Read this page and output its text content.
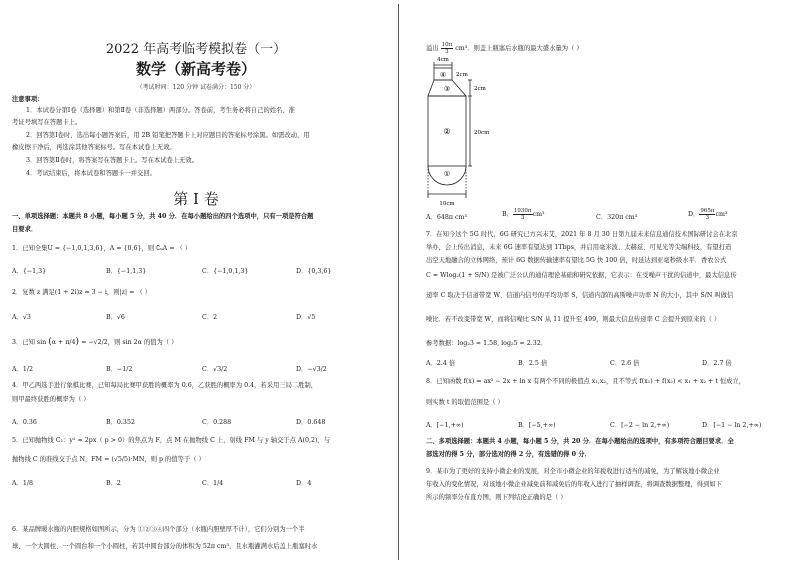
2022 年高考临考模拟卷（一）
数学（新高考卷）
（考试时间：120 分钟 试卷满分：150 分）
注意事项：
1．本试卷分第Ⅰ卷（选择题）和第Ⅱ卷（非选择题）两部分。答卷前，考生务必将自己的姓名、准
考证号填写在答题卡上。
2．回答第Ⅰ卷时，选出每小题答案后，用 2B 铅笔把答题卡上对应题目的答案标号涂黑。如需改动，用
橡皮擦干净后，再选涂其他答案标号。写在本试卷上无效。
3．回答第Ⅱ卷时，将答案写在答题卡上。写在本试卷上无效。
4．考试结束后，将本试卷和答题卡一并交回。
第 Ⅰ 卷
一、单项选择题：本题共 8 小题，每小题 5 分，共 40 分．在每小题给出的四个选项中，只有一项是符合题
目要求．
1．已知全集U = {−1,0,1,3,6}，A = {0,6}，则 ∁ᵤA = （ ）
A．{−1,3}	B．{−1,1,3}	C．{−1,0,1,3}	D．{0,3,6}
2．复数 z 满足(1 + 2i)z = 3 − i，则|z| = （ ）
A．√3	B．√6	C．2	D．√5
3．已知 sin (α + π/4) = −√2/2，则 sin 2α 的值为（ ）
A．1/2	B．−1/2	C．√3/2	D．−√3/2
4．甲乙两选手进行象棋比赛，已知每局比赛甲获胜的概率为 0.6，乙获胜的概率为 0.4，若采用三局二胜制，
则甲最终获胜的概率为（ ）
A．0.36	B．0.352	C．0.288	D．0.648
5．已知抛物线 C₁：y² = 2px（ p > 0）的焦点为 F，点 M 在抛物线 C 上，射线 FM 与 y 轴交于点 A(0,2)，与
抛物线 C 的准线交于点 N，FM = (√5/5)·MN，则 p 的值等于（ ）
A．1/8	B．2	C．1/4	D．4
6．某品牌暖水瓶的内胆规格如图所示，分为 ①②③④四个部分（水瓶内胆壁厚不计），它们分别为一个半
球、一个大圆柱、一个圆台和一个小圆柱，若其中圆台部分的体积为 52π cm³，且水瓶灌满水后盖上瓶塞时水
溢出 $\frac{10\pi}{3} cm^3$．则盖上瓶塞后水瓶的最大盛水量为（ ）
4cm
④
③
②
①
2cm
2cm
20cm
10cm
A．648π cm³	B． $\frac{1930\pi}{3} cm^3$	C．320π cm³	D． $\frac{965\pi}{3} cm^3$
7．在知今这个 5G 时代，6G 研究已方兴未艾，2021 年 8 月 30 日第九届未来信息通信技术国际研讨会在北京
举办，会上传出消息，未来 6G 速率有望达到 1Tbps，并启用毫米波、太赫兹、可见光等尖端科技，有望打造
出空天地融合的立体网络，预计 6G 数据传输速率有望比 5G 快 100 倍，时延达到亚毫秒级水平．香农公式
C = Wlog₂(1 + S/N) 是被广泛公认的通信理论基础和研究依据，它表示：在受噪声干扰的信道中，最大信息传
递率 C 取决于信道带宽 W、信道内信号的平均功率 S，信道内部的高斯噪声功率 N 的大小，其中 S/N 叫做信
噪比．若不改变带宽 W，而将信噪比 S/N 从 11 提升至 499，则最大信息传递率 C 会提升到原来的（ ）
参考数据：log₂3 ≈ 1.58, log₂5 ≈ 2.32．
A．2.4 倍	B．2.5 倍	C．2.6 倍	D．2.7 倍
8．已知函数 f(x) = ax² − 2x + ln x 有两个不同的极值点 x₁,x₂，且不等式 f(x₁) + f(x₂) < x₁ + x₂ + t 恒成立，
则实数 t 的取值范围是（ ）
A．[−1,+∞)	B．[−5,+∞)	C．[−2 − ln 2,+∞)	D．[−1 − ln 2,+∞)
二、多项选择题：本题共 4 小题，每小题 5 分，共 20 分．在每小题给出的选项中，有多项符合题目要求．全
部选对的得 5 分，部分选对的得 2 分，有选错的得 0 分．
9．某市为了更好的支持小微企业的发展，对全市小微企业的年税收进行适当的减免，为了解该地小微企业
年收入的变化情况，对该地小微企业减免前和减免后的年收入进行了抽样调查，将调查数据整理，得到如下
所示的频率分布直方图，则下列结论正确的是（ ）
